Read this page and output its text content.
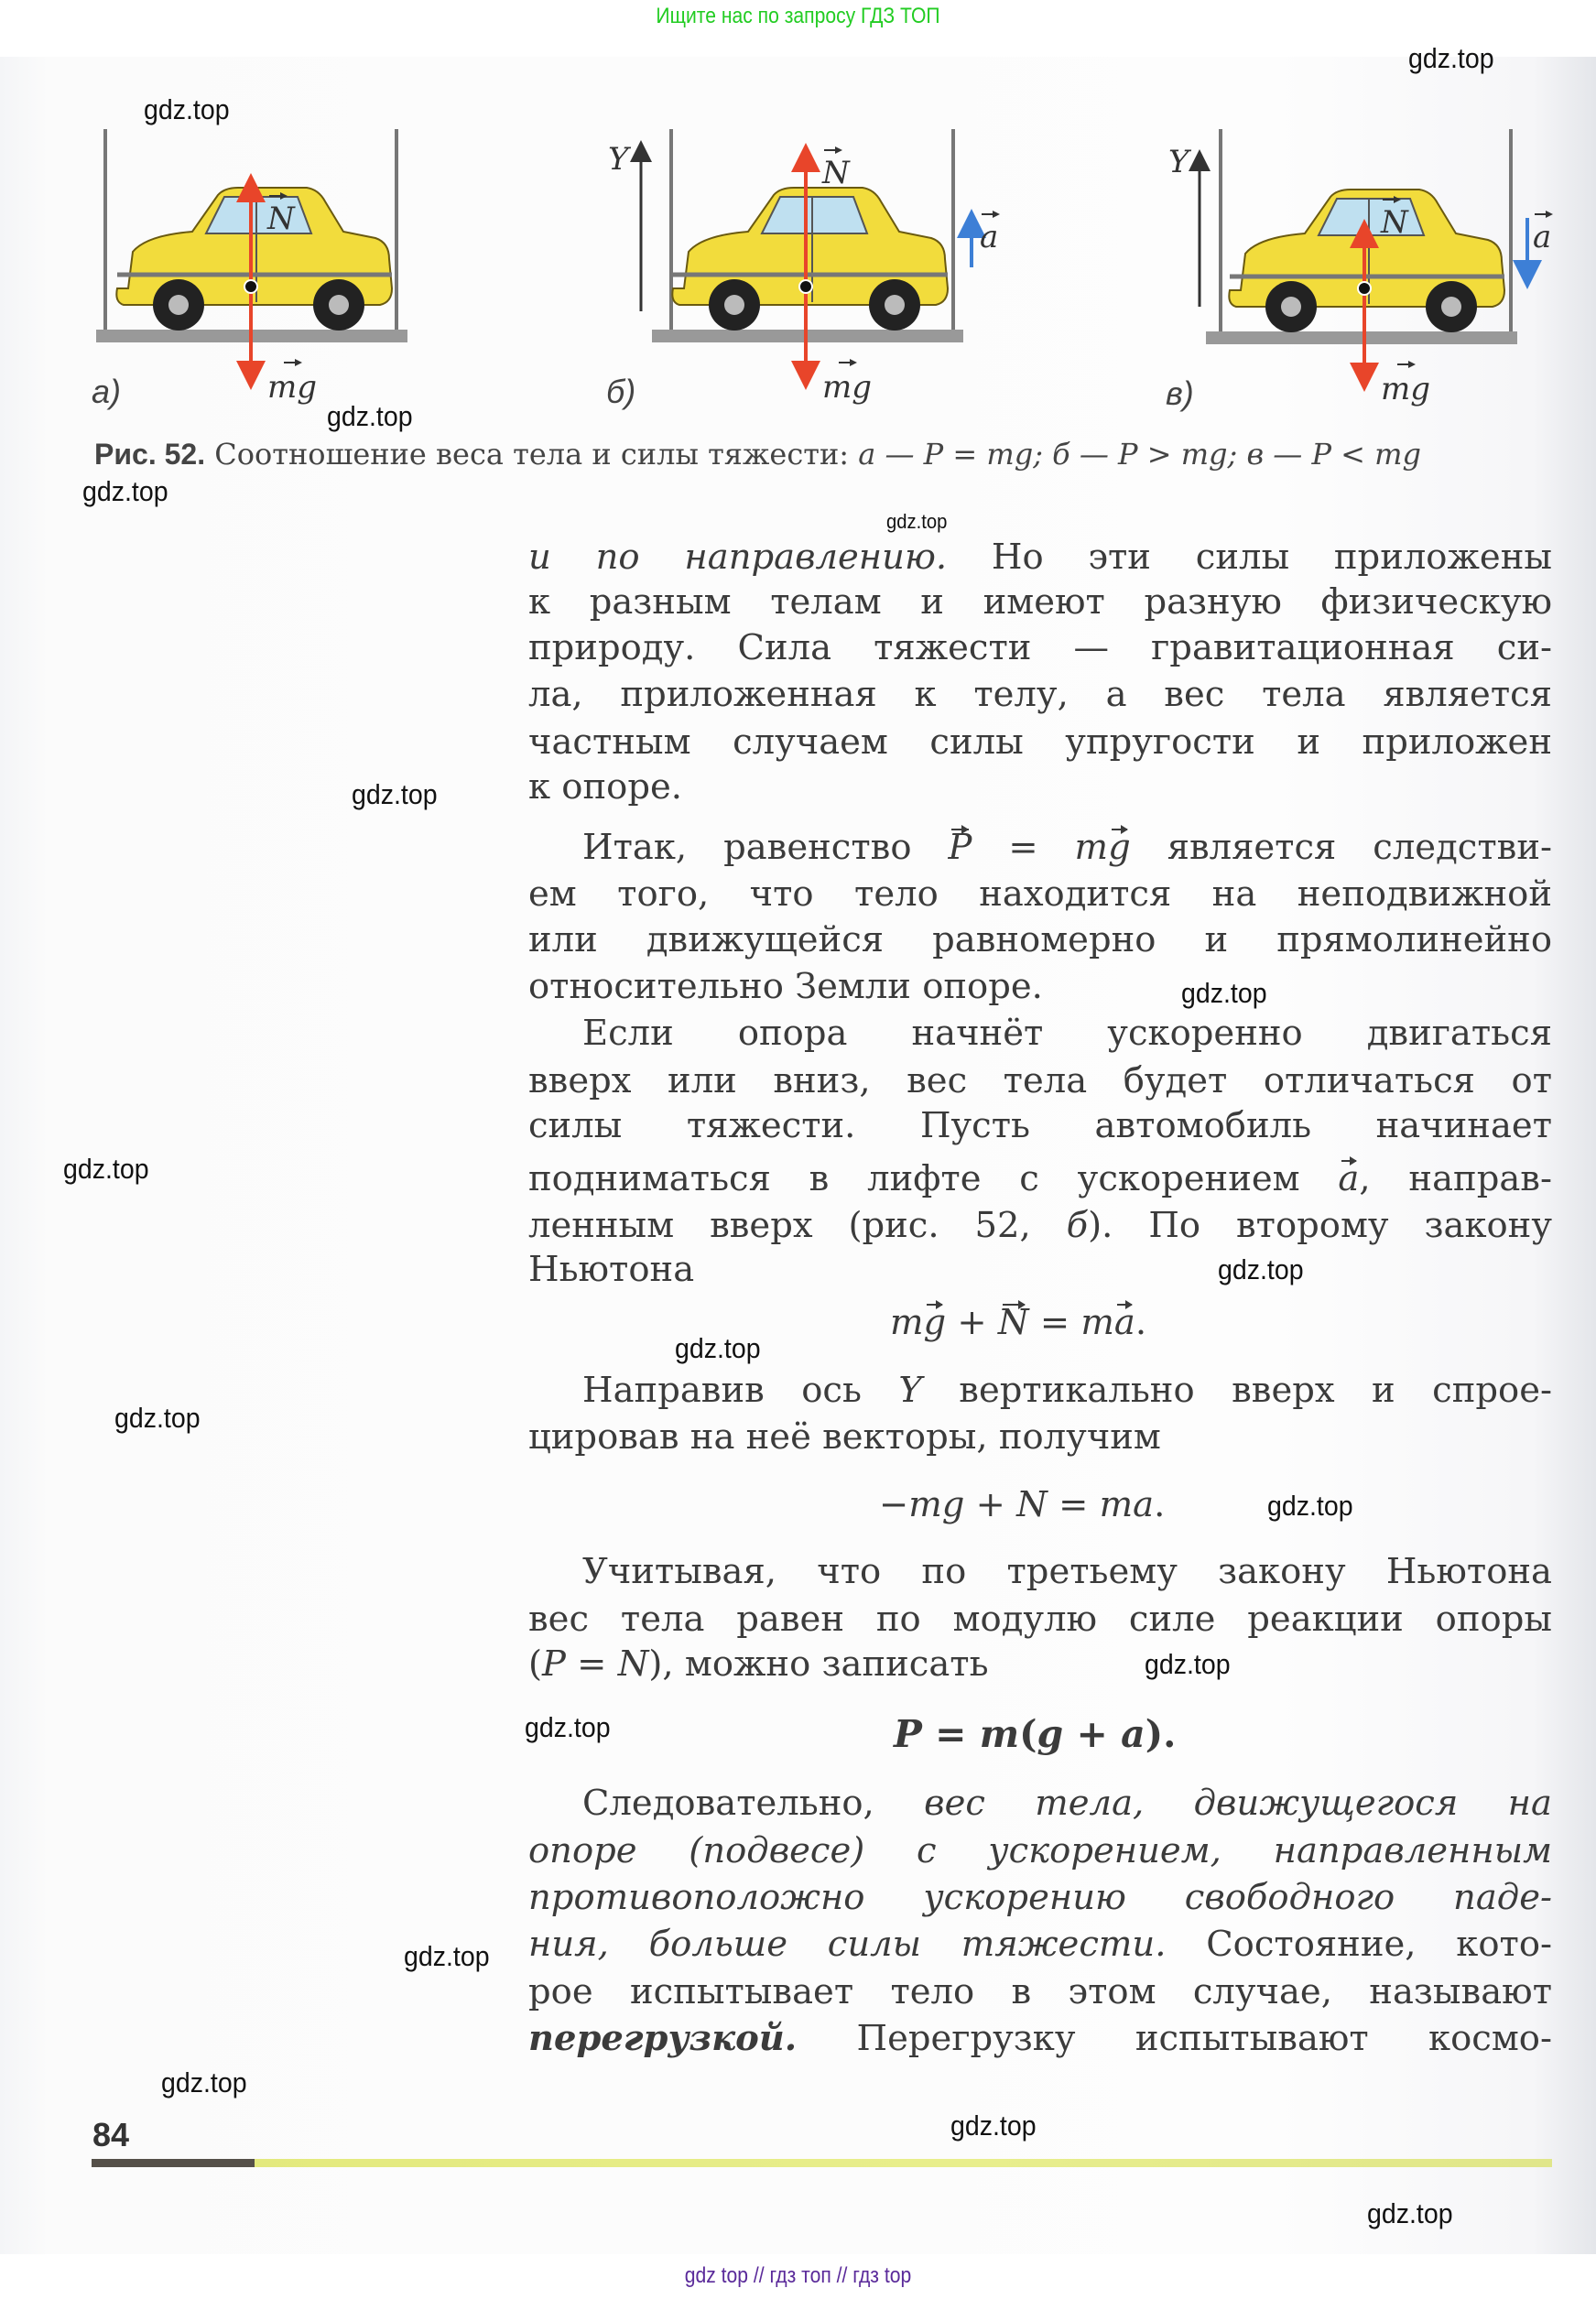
Ищите нас по запросу ГДЗ ТОП
N
mg
Y	N
mg
a
Y
N
mg
a
а)	б)	в)
Рис. 52. Соотношение веса тела и силы тяжести: а — P = mg; б — P > mg; в — P < mg
и по направлению. Но эти силы приложены
к разным телам и имеют разную физическую
природу. Сила тяжести — гравитационная си-
ла, приложенная к телу, а вес тела является
частным случаем силы упругости и приложен
к опоре.
Итак, равенство P = mg является следстви-
ем того, что тело находится на неподвижной
или движущейся равномерно и прямолинейно
относительно Земли опоре.
Если опора начнёт ускоренно двигаться
вверх или вниз, вес тела будет отличаться от
силы тяжести. Пусть автомобиль начинает
подниматься в лифте с ускорением a, направ-
ленным вверх (рис. 52, б). По второму закону
Ньютона
mg + N = ma.
Направив ось Y вертикально вверх и спрое-
цировав на неё векторы, получим
−mg + N = ma.
Учитывая, что по третьему закону Ньютона
вес тела равен по модулю силе реакции опоры
(P = N), можно записать
P = m(g + a).
Следовательно, вес тела, движущегося на
опоре (подвесе) с ускорением, направленным
противоположно ускорению свободного паде-
ния, больше силы тяжести. Состояние, кото-
рое испытывает тело в этом случае, называют
перегрузкой. Перегрузку испытывают космо-
84
gdz.top
gdz.top
gdz.top
gdz.top
gdz.top
gdz.top
gdz.top
gdz.top
gdz.top
gdz.top
gdz.top
gdz.top
gdz.top
gdz.top
gdz.top
gdz.top
gdz.top
gdz.top
gdz top // гдз топ // гдз top
